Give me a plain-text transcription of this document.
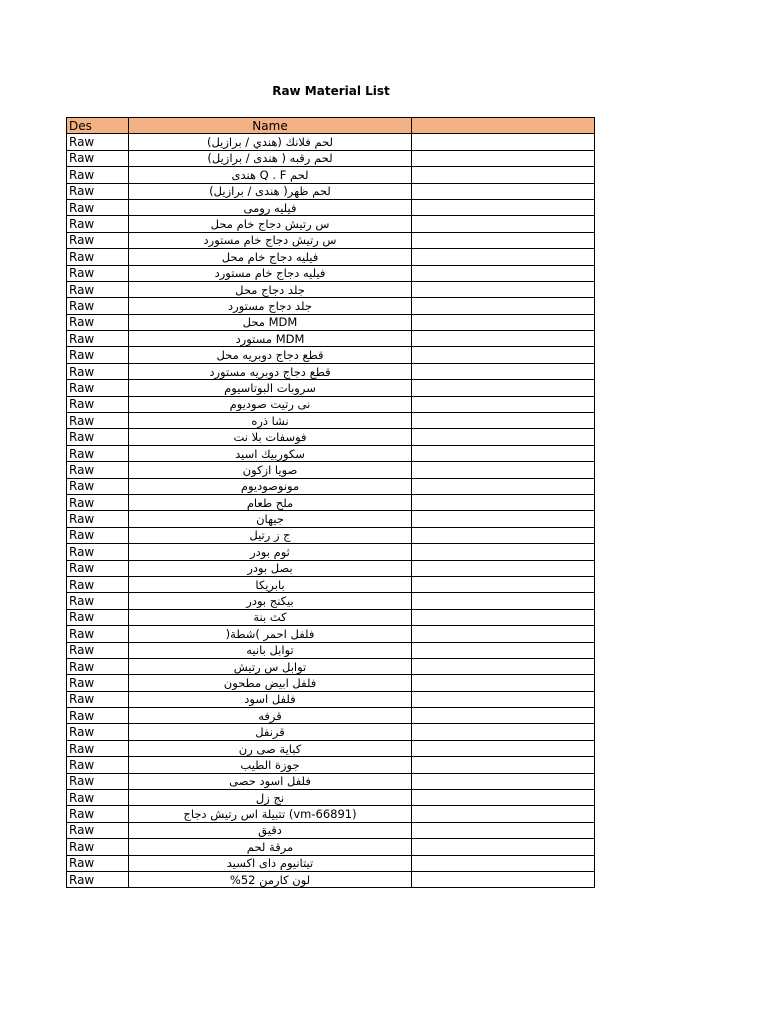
Raw Material List
Des	Name	
Raw	لحم فلانك (هندي / برازيل)	
Raw	لحم رقبه ( هندى / برازيل)	
Raw	لحم Q . F هندى	
Raw	لحم ظهر( هندى / برازيل)	
Raw	فيليه رومى	
Raw	س رتيش دجاج خام محل	
Raw	س رتيش دجاج خام مستورد	
Raw	فيليه دجاج خام محل	
Raw	فيليه دجاج خام مستورد	
Raw	جلد دجاج محل	
Raw	جلد دجاج مستورد	
Raw	MDM محل	
Raw	MDM مستورد	
Raw	قطع دجاج دوبريه محل	
Raw	قطع دجاج دوبريه مستورد	
Raw	سروبات البوتاسيوم	
Raw	نى رتيت صوديوم	
Raw	نشا ذره	
Raw	فوسفات بلا نت	
Raw	سكوربيك اسيد	
Raw	صويا ازكون	
Raw	مونوصوديوم	
Raw	ملح طعام	
Raw	جيهان	
Raw	ج ز رتيل	
Raw	ثوم بودر	
Raw	بصل بودر	
Raw	بابريكا	
Raw	بيكنج بودر	
Raw	كث بنة	
Raw	فلفل احمر )شطة(	
Raw	توابل بانيه	
Raw	توابل س رتيش	
Raw	فلفل ابيض مطحون	
Raw	فلفل اسود	
Raw	قرفه	
Raw	قرنفل	
Raw	كباية صى رن	
Raw	جوزة الطيب	
Raw	فلفل اسود حصى	
Raw	نج زل	
Raw	(vm-66891) تتبيلة اس رتيش دجاج	
Raw	دقيق	
Raw	مرقة لحم	
Raw	تيتانيوم داى اكسيد	
Raw	لون كارمن 52%	
